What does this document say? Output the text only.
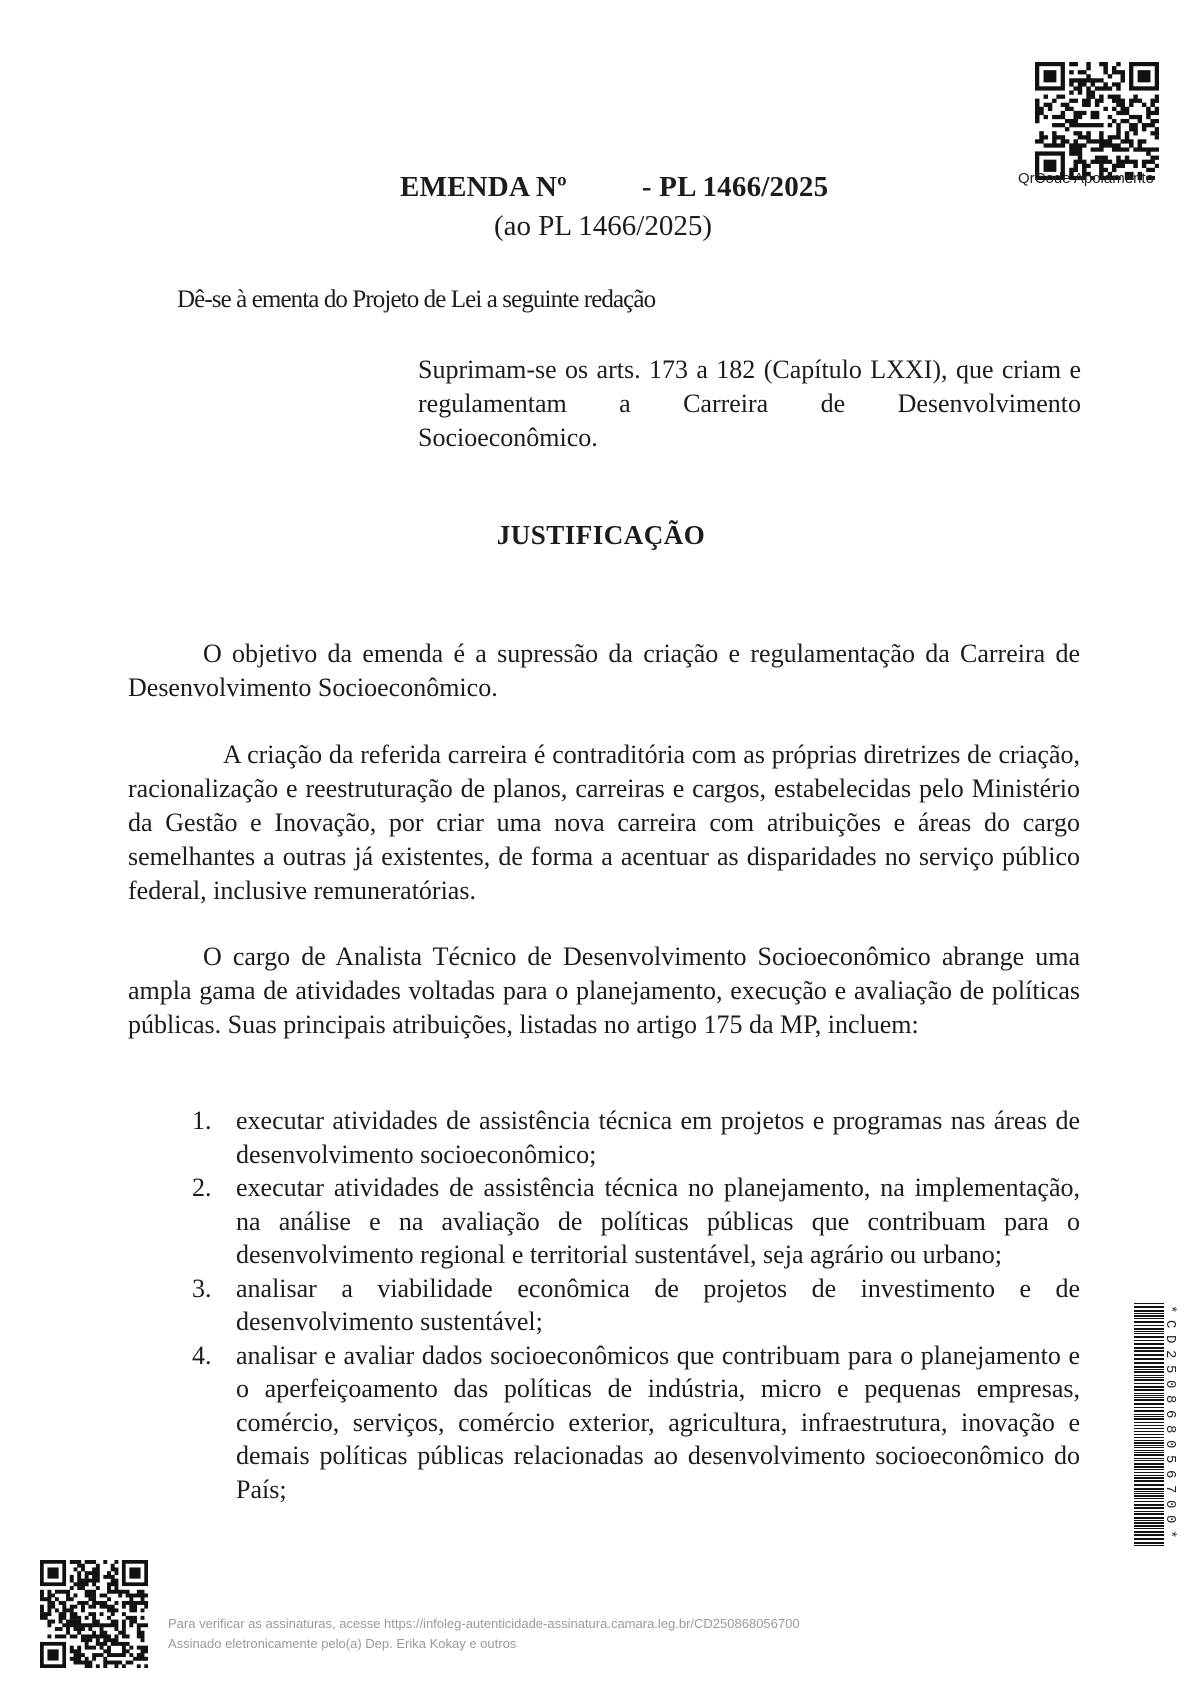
QrCode Apoiamento
EMENDA Nº	- PL 1466/2025
(ao PL 1466/2025)
Dê-se à ementa do Projeto de Lei a seguinte redação
Suprimam-se os arts. 173 a 182 (Capítulo LXXI), que criam e regulamentam a Carreira de Desenvolvimento Socioeconômico.
JUSTIFICAÇÃO
O objetivo da emenda é a supressão da criação e regulamentação da Carreira de Desenvolvimento Socioeconômico.
A criação da referida carreira é contraditória com as próprias diretrizes de criação, racionalização e reestruturação de planos, carreiras e cargos, estabelecidas pelo Ministério da Gestão e Inovação, por criar uma nova carreira com atribuições e áreas do cargo semelhantes a outras já existentes, de forma a acentuar as disparidades no serviço público federal, inclusive remuneratórias.
O cargo de Analista Técnico de Desenvolvimento Socioeconômico abrange uma ampla gama de atividades voltadas para o planejamento, execução e avaliação de políticas públicas. Suas principais atribuições, listadas no artigo 175 da MP, incluem:
1. executar atividades de assistência técnica em projetos e programas nas áreas de desenvolvimento socioeconômico;
2. executar atividades de assistência técnica no planejamento, na implementação, na análise e na avaliação de políticas públicas que contribuam para o desenvolvimento regional e territorial sustentável, seja agrário ou urbano;
3. analisar a viabilidade econômica de projetos de investimento e de desenvolvimento sustentável;
4. analisar e avaliar dados socioeconômicos que contribuam para o planejamento e o aperfeiçoamento das políticas de indústria, micro e pequenas empresas, comércio, serviços, comércio exterior, agricultura, infraestrutura, inovação e demais políticas públicas relacionadas ao desenvolvimento socioeconômico do País;	*CD250868056700*
Para verificar as assinaturas, acesse https://infoleg-autenticidade-assinatura.camara.leg.br/CD250868056700
Assinado eletronicamente pelo(a) Dep. Erika Kokay e outros
